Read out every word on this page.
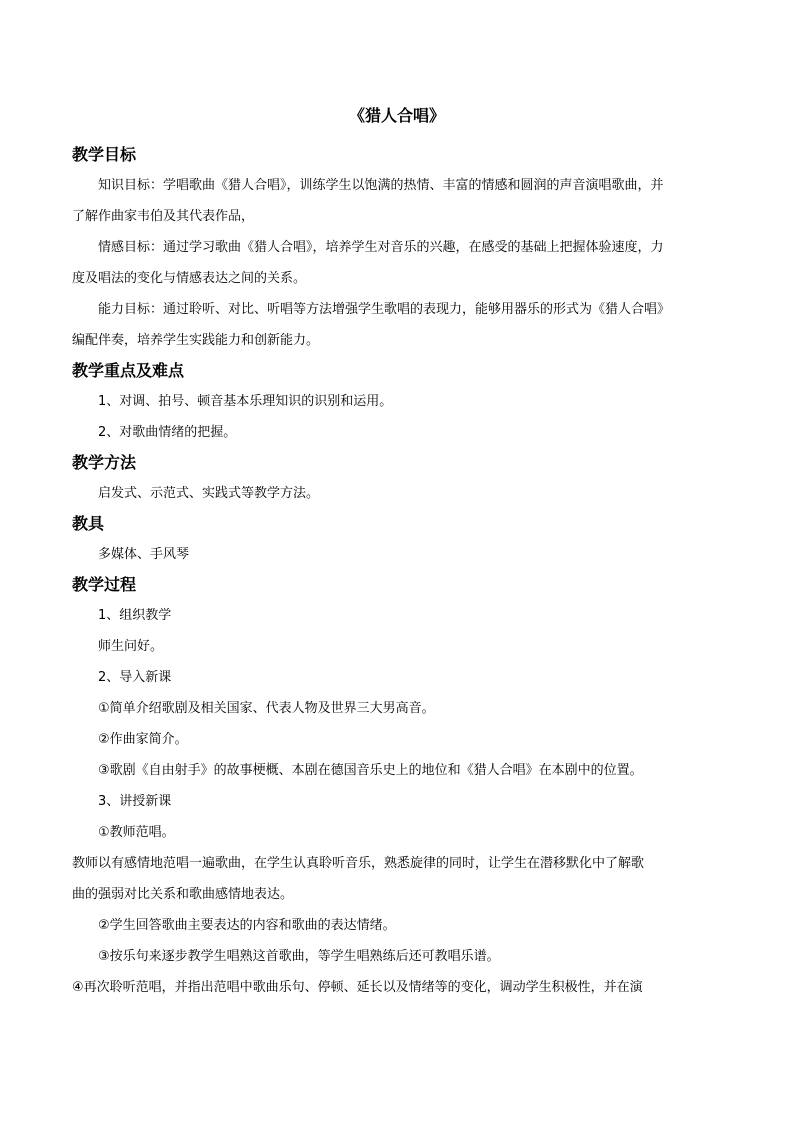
《猎人合唱》
教学目标
知识目标：学唱歌曲《猎人合唱》，训练学生以饱满的热情、丰富的情感和圆润的声音演唱歌曲，并
了解作曲家韦伯及其代表作品，
情感目标：通过学习歌曲《猎人合唱》，培养学生对音乐的兴趣，在感受的基础上把握体验速度，力
度及唱法的变化与情感表达之间的关系。
能力目标：通过聆听、对比、听唱等方法增强学生歌唱的表现力，能够用器乐的形式为《猎人合唱》
编配伴奏，培养学生实践能力和创新能力。
教学重点及难点
1、对调、拍号、顿音基本乐理知识的识别和运用。
2、对歌曲情绪的把握。
教学方法
启发式、示范式、实践式等教学方法。
教具
多媒体、手风琴
教学过程
1、组织教学
师生问好。
2、导入新课
①简单介绍歌剧及相关国家、代表人物及世界三大男高音。
②作曲家简介。
③歌剧《自由射手》的故事梗概、本剧在德国音乐史上的地位和《猎人合唱》在本剧中的位置。
3、讲授新课
①教师范唱。
教师以有感情地范唱一遍歌曲，在学生认真聆听音乐，熟悉旋律的同时，让学生在潜移默化中了解歌
曲的强弱对比关系和歌曲感情地表达。
②学生回答歌曲主要表达的内容和歌曲的表达情绪。
③按乐句来逐步教学生唱熟这首歌曲，等学生唱熟练后还可教唱乐谱。
④再次聆听范唱，并指出范唱中歌曲乐句、停顿、延长以及情绪等的变化，调动学生积极性，并在演
